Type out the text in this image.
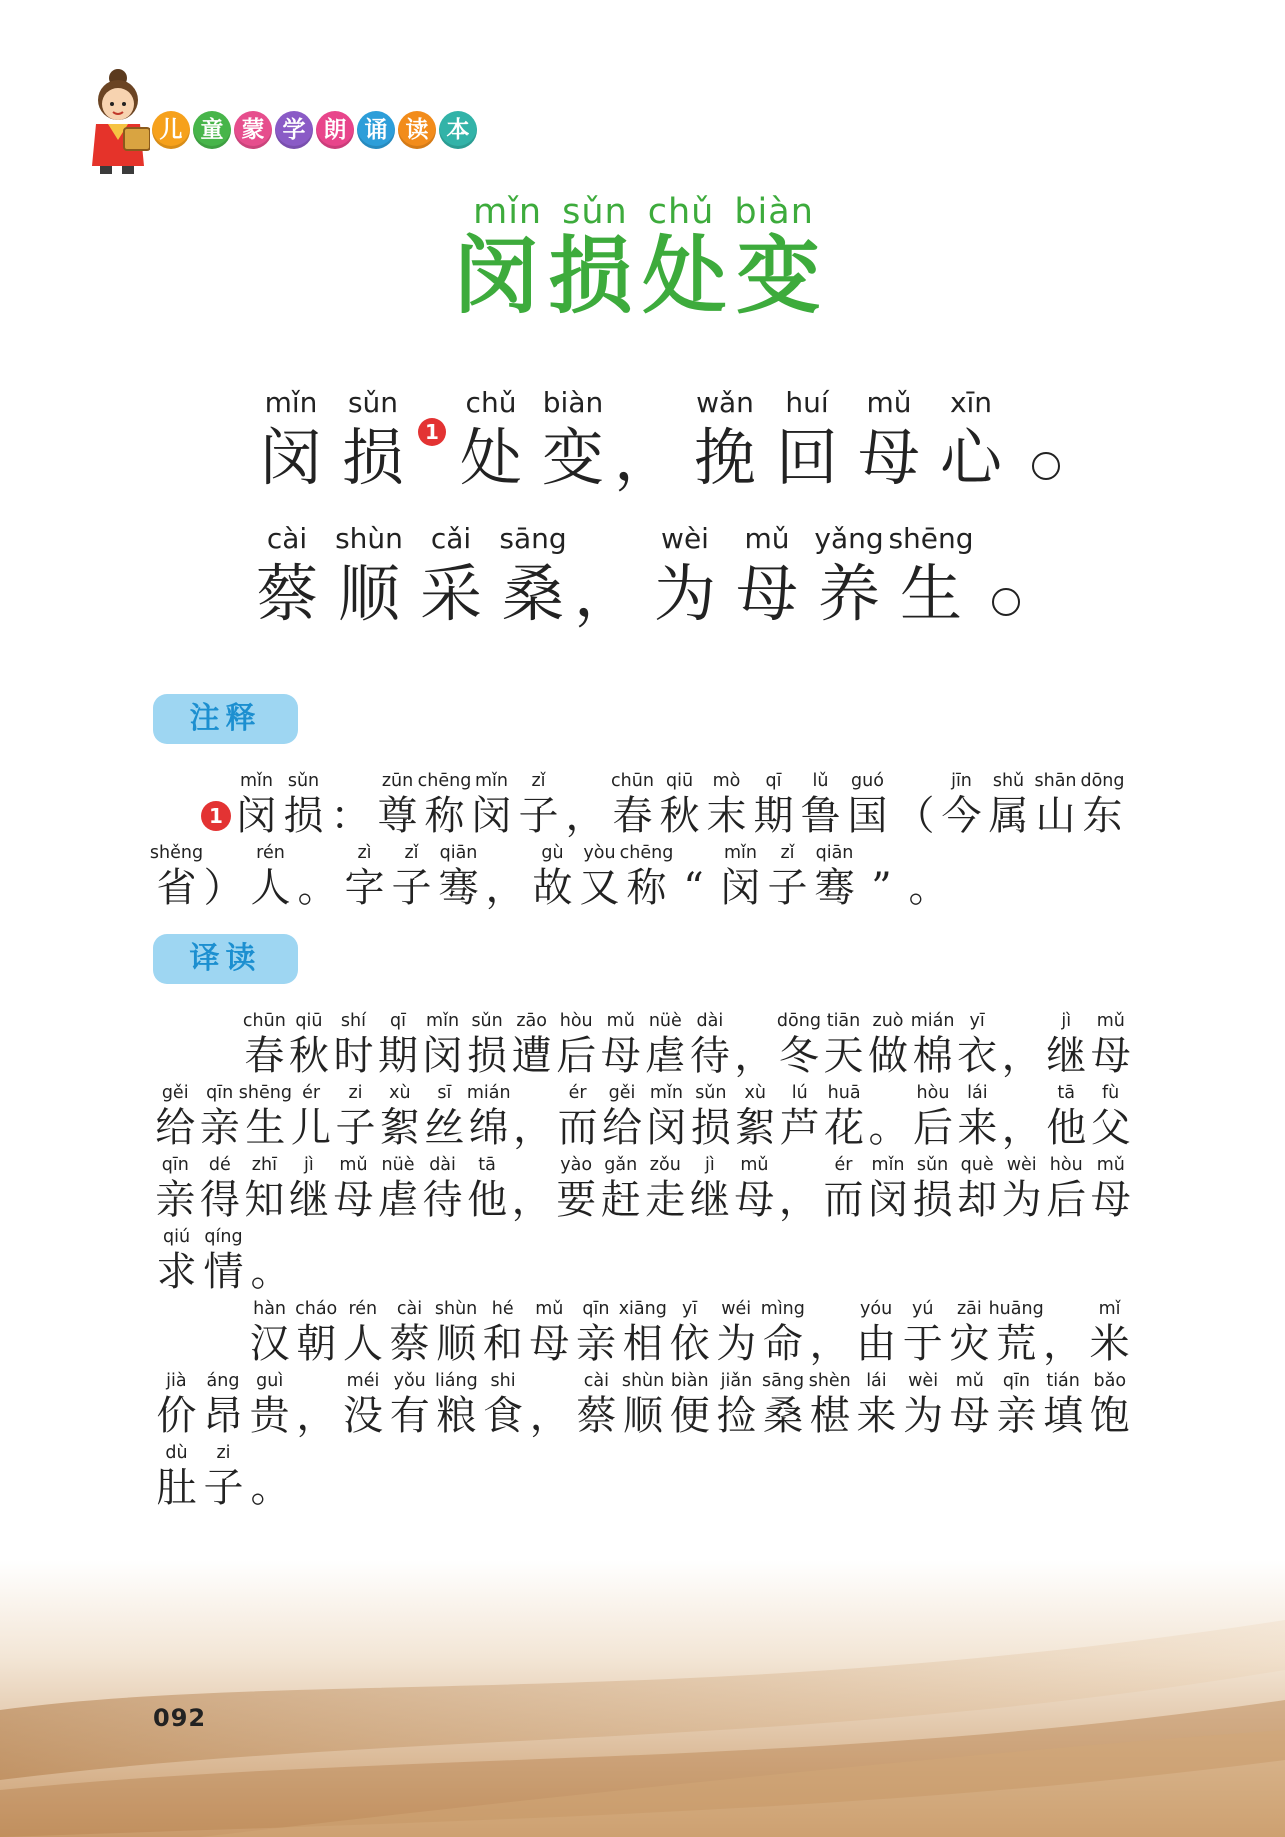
儿 童 蒙 学 朗 诵 读 本
mǐn sǔn chǔ biàn
闵损处变
mǐn
闵
sǔn
损 1
chǔ
处
biàn
变 ，
wǎn
挽
huí
回
mǔ
母
xīn
心
cài
蔡
shùn
顺
cǎi
采
sāng
桑 ，
wèi
为
mǔ
母
yǎng
养
shēng
生
注释
1
mǐn
闵
sǔn
损 ：
zūn
尊
chēng
称
mǐn
闵
zǐ
子 ，
chūn
春
qiū
秋
mò
末
qī
期
lǔ
鲁
guó
国 （
jīn
今
shǔ
属
shān
山
dōng
东
shěng
省 ）
rén
人 。
zì
字
zǐ
子
qiān
骞 ，
gù
故
yòu
又
chēng
称 “
mǐn
闵
zǐ
子
qiān
骞 ” 。
译读
chūn
春
qiū
秋
shí
时
qī
期
mǐn
闵
sǔn
损
zāo
遭
hòu
后
mǔ
母
nüè
虐
dài
待 ，
dōng
冬
tiān
天
zuò
做
mián
棉
yī
衣 ，
jì
继
mǔ
母
gěi
给
qīn
亲
shēng
生
ér
儿
zi
子
xù
絮
sī
丝
mián
绵 ，
ér
而
gěi
给
mǐn
闵
sǔn
损
xù
絮
lú
芦
huā
花 。
hòu
后
lái
来 ，
tā
他
fù
父
qīn
亲
dé
得
zhī
知
jì
继
mǔ
母
nüè
虐
dài
待
tā
他 ，
yào
要
gǎn
赶
zǒu
走
jì
继
mǔ
母 ，
ér
而
mǐn
闵
sǔn
损
què
却
wèi
为
hòu
后
mǔ
母
qiú
求
qíng
情 。
hàn
汉
cháo
朝
rén
人
cài
蔡
shùn
顺
hé
和
mǔ
母
qīn
亲
xiāng
相
yī
依
wéi
为
mìng
命 ，
yóu
由
yú
于
zāi
灾
huāng
荒 ，
mǐ
米
jià
价
áng
昂
guì
贵 ，
méi
没
yǒu
有
liáng
粮
shi
食 ，
cài
蔡
shùn
顺
biàn
便
jiǎn
捡
sāng
桑
shèn
椹
lái
来
wèi
为
mǔ
母
qīn
亲
tián
填
bǎo
饱
dù
肚
zi
子 。
092
